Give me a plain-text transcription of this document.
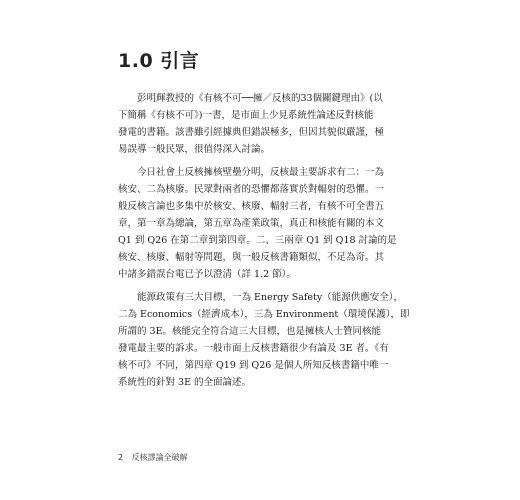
1.0 引言
彭明輝教授的《有核不可──擁／反核的33個關鍵理由》(以
下簡稱《有核不可》)一書，是市面上少見系統性論述反對核能
發電的書籍。該書雖引經據典但錯誤極多，但因其貌似嚴謹，極
易誤導一般民眾，很值得深入討論。
今日社會上反核擁核壁壘分明，反核最主要訴求有二：一為
核安、二為核廢。民眾對兩者的恐懼都落實於對輻射的恐懼。一
般反核言論也多集中於核安、核廢、輻射三者，有核不可全書五
章，第一章為總論，第五章為產業政策，真正和核能有關的本文
Q1 到 Q26 在第二章到第四章。二、三兩章 Q1 到 Q18 討論的是
核安、核廢、輻射等問題，與一般反核書籍類似，不足為奇。其
中諸多錯誤台電已予以澄清（詳 1.2 節）。
能源政策有三大目標，一為 Energy Safety（能源供應安全），
二為 Economics（經濟成本），三為 Environment（環境保護），即
所謂的 3E。核能完全符合這三大目標，也是擁核人士贊同核能
發電最主要的訴求。一般市面上反核書籍很少有論及 3E 者。《有
核不可》不同，第四章 Q19 到 Q26 是個人所知反核書籍中唯一
系統性的針對 3E 的全面論述。
2 反核謬論全破解
